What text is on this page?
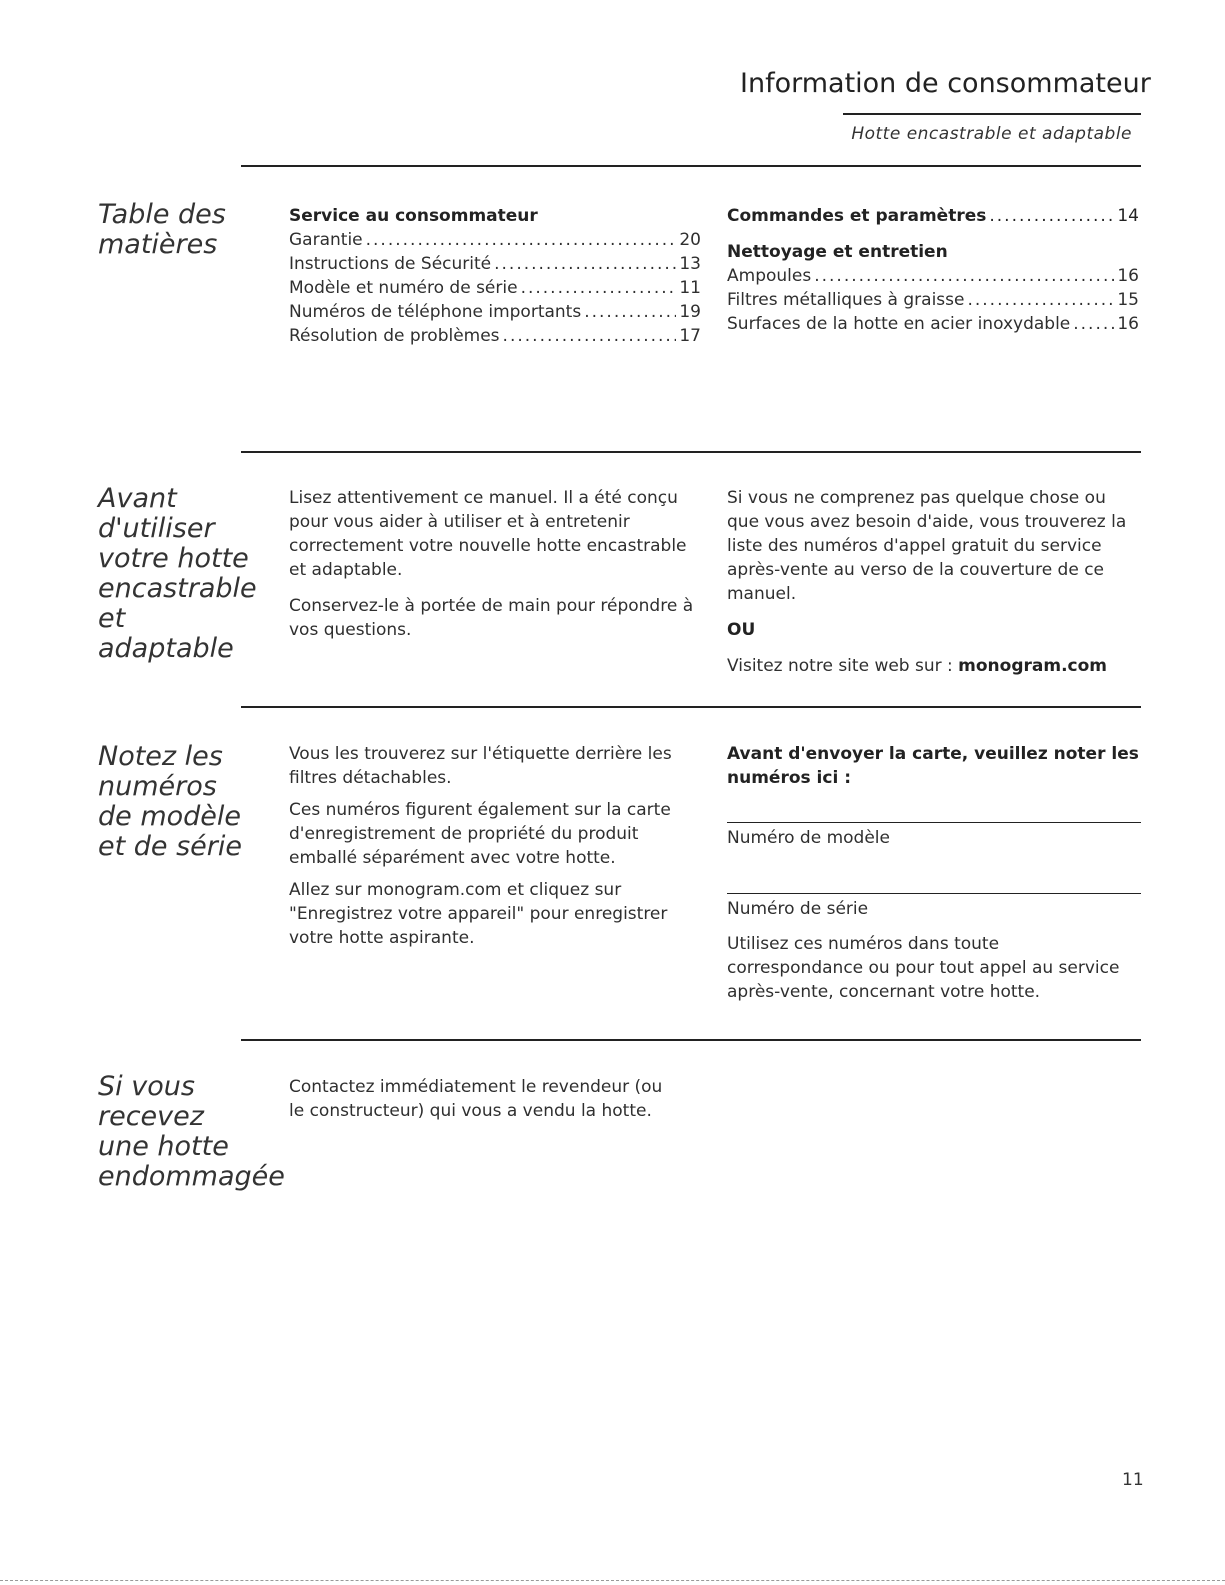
Information de consommateur
Hotte encastrable et adaptable
Table des matières
Service au consommateur
Garantie .....	20
Instructions de Sécurité .....	13
Modèle et numéro de série .....	11
Numéros de téléphone importants .....	19
Résolution de problèmes .....	17
Commandes et paramètres .....	14
Nettoyage et entretien
Ampoules .....	16
Filtres métalliques à graisse .....	15
Surfaces de la hotte en acier inoxydable .....	16
Avant
d'utiliser
votre hotte
encastrable
et
adaptable

Lisez attentivement ce manuel. Il a été conçu pour vous aider à utiliser et à entretenir correctement votre nouvelle hotte encastrable et adaptable.

Conservez-le à portée de main pour répondre à vos questions.

Si vous ne comprenez pas quelque chose ou que vous avez besoin d'aide, vous trouverez la liste des numéros d'appel gratuit du service après-vente au verso de la couverture de ce manuel.

OU

Visitez notre site web sur : monogram.com

Notez les
numéros
de modèle
et de série

Vous les trouverez sur l'étiquette derrière les filtres détachables.

Ces numéros figurent également sur la carte d'enregistrement de propriété du produit emballé séparément avec votre hotte.

Allez sur monogram.com et cliquez sur "Enregistrez votre appareil" pour enregistrer votre hotte aspirante.

Avant d'envoyer la carte, veuillez noter les numéros ici :

Numéro de modèle
Numéro de série
Utilisez ces numéros dans toute correspondance ou pour tout appel au service après-vente, concernant votre hotte.
Si vous
recevez
une hotte
endommagée

Contactez immédiatement le revendeur (ou le constructeur) qui vous a vendu la hotte.

11
